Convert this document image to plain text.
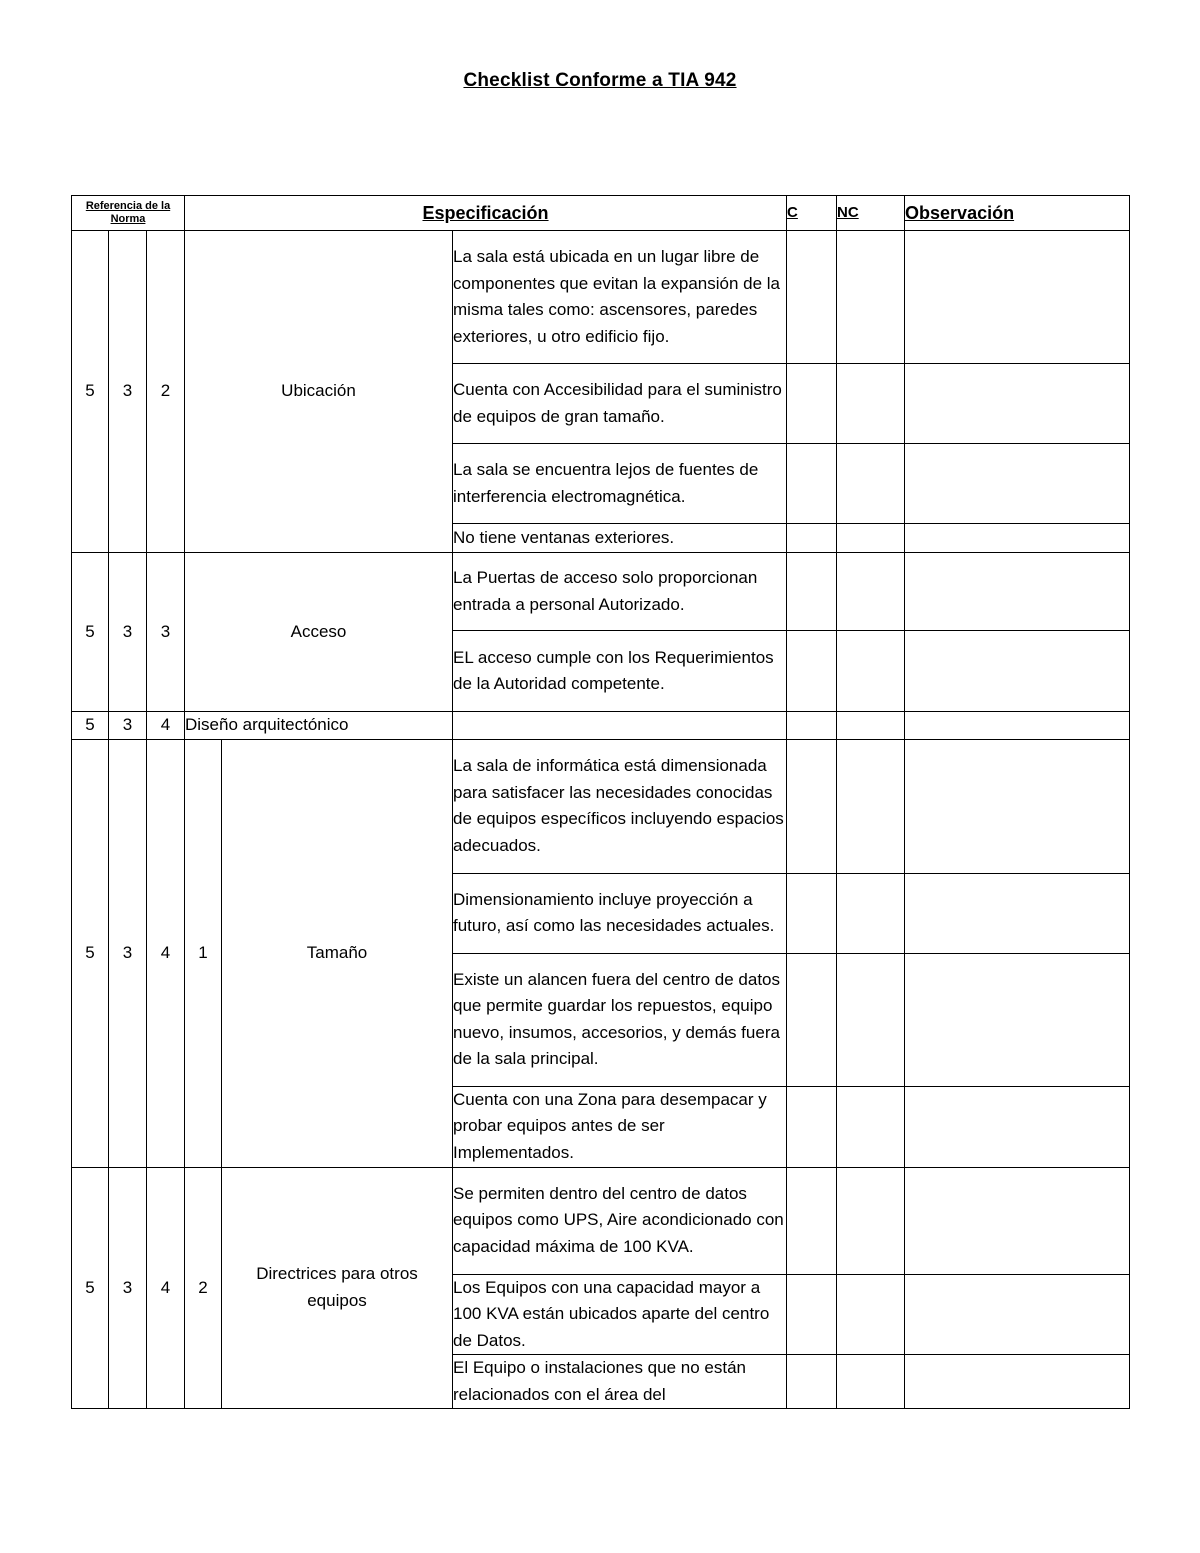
Checklist Conforme a TIA 942
Referencia de la Norma			Especificación			C	NC	Observación
5	3	2	Ubicación		La sala está ubicada en un lugar libre de componentes que evitan la expansión de la misma tales como: ascensores, paredes exteriores, u otro edificio fijo.			
					Cuenta con Accesibilidad para el suministro de equipos de gran tamaño.			
					La sala se encuentra lejos de fuentes de interferencia electromagnética.			
					No tiene ventanas exteriores.			
5	3	3	Acceso		La Puertas de acceso solo proporcionan entrada a personal Autorizado.			
					EL acceso cumple con los Requerimientos de la Autoridad competente.			
5	3	4	Diseño arquitectónico					
5	3	4	1	Tamaño	La sala de informática está dimensionada para satisfacer las necesidades conocidas de equipos específicos incluyendo espacios adecuados.			
					Dimensionamiento incluye proyección a futuro, así como las necesidades actuales.			
					Existe un alancen fuera del centro de datos que permite guardar los repuestos, equipo nuevo, insumos, accesorios, y demás fuera de la sala principal.			
					Cuenta con una Zona para desempacar y probar equipos antes de ser Implementados.			
5	3	4	2	Directrices para otros equipos	Se permiten dentro del centro de datos equipos como UPS, Aire acondicionado con capacidad máxima de 100 KVA.			
					Los Equipos con una capacidad mayor a 100 KVA están ubicados aparte del centro de Datos.			
					El Equipo o instalaciones que no están relacionados con el área del			
